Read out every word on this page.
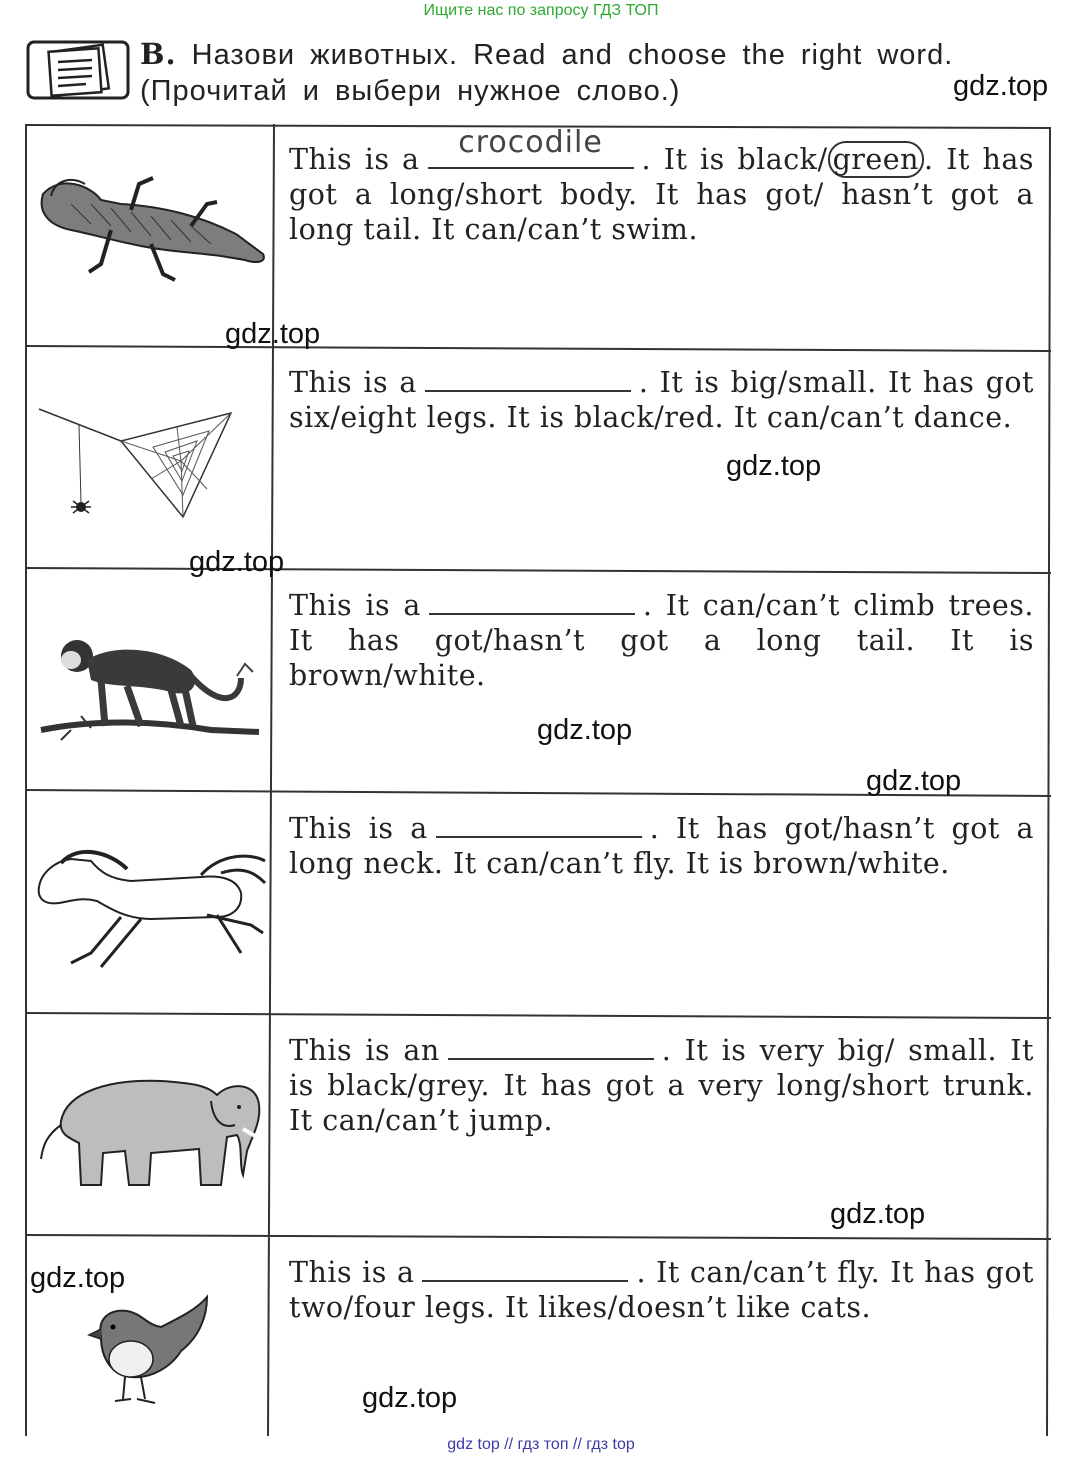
Ищите нас по запросу ГДЗ ТОП
B. Назови животных. Read and choose the right word.
(Прочитай и выбери нужное слово.)
This is a	crocodile	. It is black/ green . It has got a long/short body. It has got/ hasn’t got a long tail. It can/can’t swim.
This is a	. It is big/small. It has got six/eight legs. It is black/red. It can/can’t dance.
This is a	. It can/can’t climb trees. It has got/hasn’t got a long tail. It is brown/white.
This is a	. It has got/hasn’t got a long neck. It can/can’t fly. It is brown/white.
This is an	. It is very big/ small. It is black/grey. It has got a very long/short trunk. It can/can’t jump.
This is a	. It can/can’t fly. It has got two/four legs. It likes/doesn’t like cats.
gdz.top
gdz.top
gdz.top
gdz.top
gdz.top
gdz.top
gdz.top
gdz.top
gdz.top
gdz top // гдз топ // гдз top
